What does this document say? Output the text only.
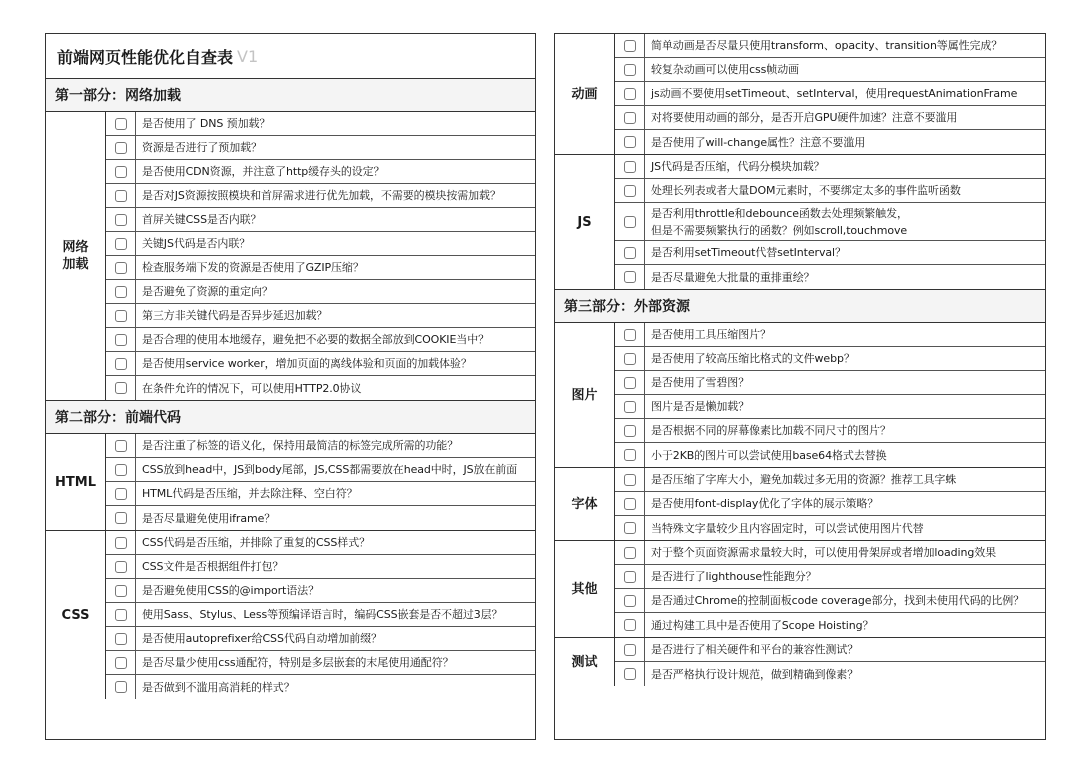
前端网页性能优化自查表 V1
第一部分：网络加载
网络
加载
是否使用了 DNS 预加载？
资源是否进行了预加载？
是否使用CDN资源，并注意了http缓存头的设定？
是否对JS资源按照模块和首屏需求进行优先加载，不需要的模块按需加载？
首屏关键CSS是否内联？
关键JS代码是否内联？
检查服务端下发的资源是否使用了GZIP压缩？
是否避免了资源的重定向？
第三方非关键代码是否异步延迟加载？
是否合理的使用本地缓存，避免把不必要的数据全部放到COOKIE当中？
是否使用service worker，增加页面的离线体验和页面的加载体验？
在条件允许的情况下，可以使用HTTP2.0协议
第二部分：前端代码
HTML
是否注重了标签的语义化，保持用最简洁的标签完成所需的功能？
CSS放到head中，JS到body尾部，JS,CSS都需要放在head中时，JS放在前面
HTML代码是否压缩，并去除注释、空白符？
是否尽量避免使用iframe？
CSS
CSS代码是否压缩，并排除了重复的CSS样式？
CSS文件是否根据组件打包？
是否避免使用CSS的@import语法？
使用Sass、Stylus、Less等预编译语言时，编码CSS嵌套是否不超过3层？
是否使用autoprefixer给CSS代码自动增加前缀？
是否尽量少使用css通配符，特别是多层嵌套的末尾使用通配符？
是否做到不滥用高消耗的样式？
动画
简单动画是否尽量只使用transform、opacity、transition等属性完成？
较复杂动画可以使用css帧动画
js动画不要使用setTimeout、setInterval，使用requestAnimationFrame
对将要使用动画的部分，是否开启GPU硬件加速？注意不要滥用
是否使用了will-change属性？注意不要滥用
JS
JS代码是否压缩，代码分模块加载？
处理长列表或者大量DOM元素时，不要绑定太多的事件监听函数
是否利用throttle和debounce函数去处理频繁触发，
但是不需要频繁执行的函数？例如scroll,touchmove
是否利用setTimeout代替setInterval？
是否尽量避免大批量的重排重绘？
第三部分：外部资源
图片
是否使用工具压缩图片？
是否使用了较高压缩比格式的文件webp？
是否使用了雪碧图？
图片是否是懒加载？
是否根据不同的屏幕像素比加载不同尺寸的图片？
小于2KB的图片可以尝试使用base64格式去替换
字体
是否压缩了字库大小，避免加载过多无用的资源？推荐工具字蛛
是否使用font-display优化了字体的展示策略？
当特殊文字量较少且内容固定时，可以尝试使用图片代替
其他
对于整个页面资源需求量较大时，可以使用骨架屏或者增加loading效果
是否进行了lighthouse性能跑分？
是否通过Chrome的控制面板code coverage部分，找到未使用代码的比例？
通过构建工具中是否使用了Scope Hoisting？
测试
是否进行了相关硬件和平台的兼容性测试？
是否严格执行设计规范，做到精确到像素？
